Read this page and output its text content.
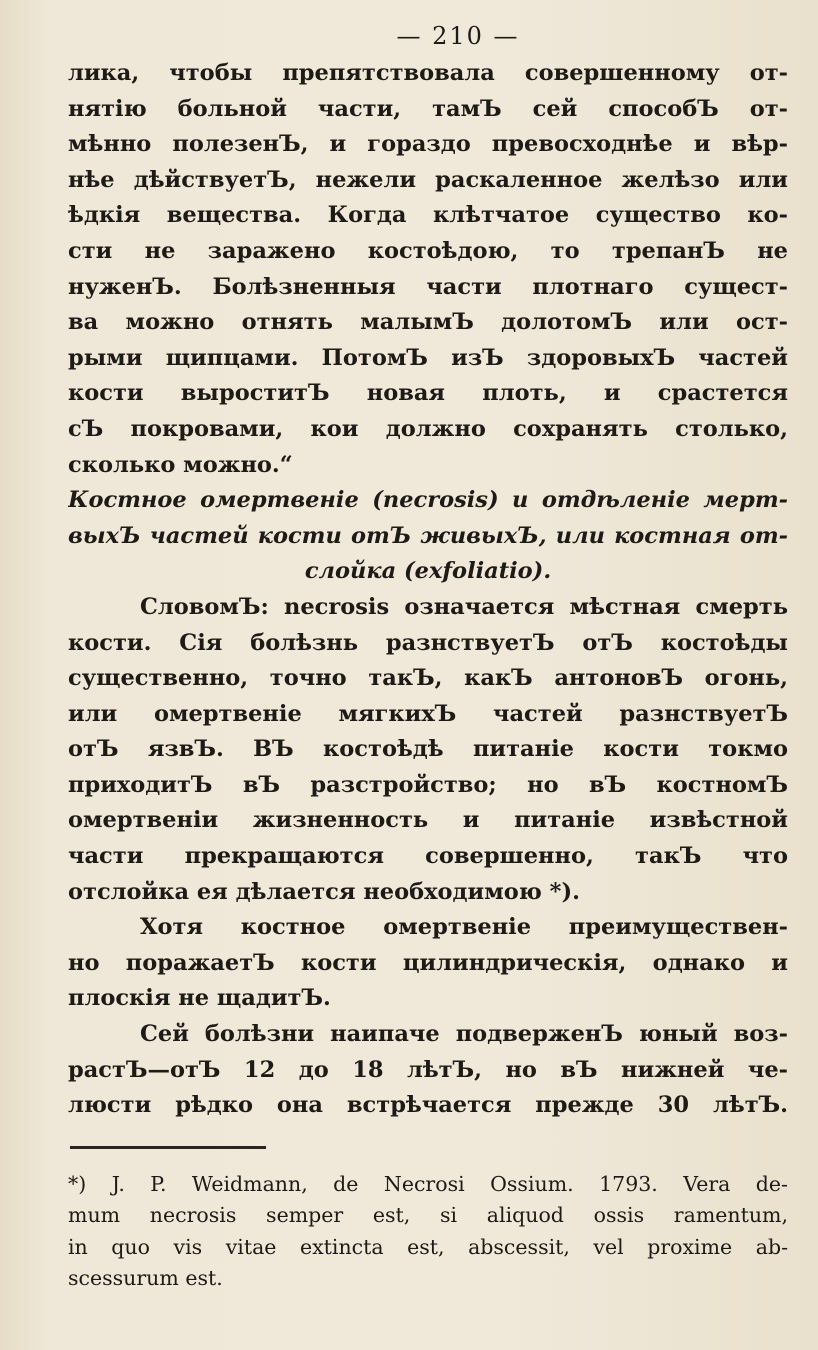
— 210 —
лика, чтобы препятствовала совершенному от-
нятію больной части, тамЪ сей способЪ от-
мѣнно полезенЪ, и гораздо превосходнѣе и вѣр-
нѣе дѣйствуетЪ, нежели раскаленное желѣзо или
ѣдкія вещества. Когда клѣтчатое существо ко-
сти не заражено костоѣдою, то трепанЪ не
нуженЪ. Болѣзненныя части плотнаго сущест-
ва можно отнять малымЪ долотомЪ или ост-
рыми щипцами. ПотомЪ изЪ здоровыхЪ частей
кости выроститЪ новая плоть, и срастется
сЪ покровами, кои должно сохранять столько,
сколько можно.“
Костное омертвеніе (necrosis) и отдѣленіе мерт-
выхЪ частей кости отЪ живыхЪ, или костная от-
слойка (exfoliatio).
СловомЪ: necrosis означается мѣстная смерть
кости. Сія болѣзнь разнствуетЪ отЪ костоѣды
существенно, точно такЪ, какЪ антоновЪ огонь,
или омертвеніе мягкихЪ частей разнствуетЪ
отЪ язвЪ. ВЪ костоѣдѣ питаніе кости токмо
приходитЪ вЪ разстройство; но вЪ костномЪ
омертвеніи жизненность и питаніе извѣстной
части прекращаются совершенно, такЪ что
отслойка ея дѣлается необходимою *).
Хотя костное омертвеніе преимуществен-
но поражаетЪ кости цилиндрическія, однако и
плоскія не щадитЪ.
Сей болѣзни наипаче подверженЪ юный воз-
растЪ—отЪ 12 до 18 лѣтЪ, но вЪ нижней че-
люсти рѣдко она встрѣчается прежде 30 лѣтЪ.
*) J. P. Weidmann, de Necrosi Ossium. 1793. Vera de-
mum necrosis semper est, si aliquod ossis ramentum,
in quo vis vitae extincta est, abscessit, vel proxime ab-
scessurum est.
